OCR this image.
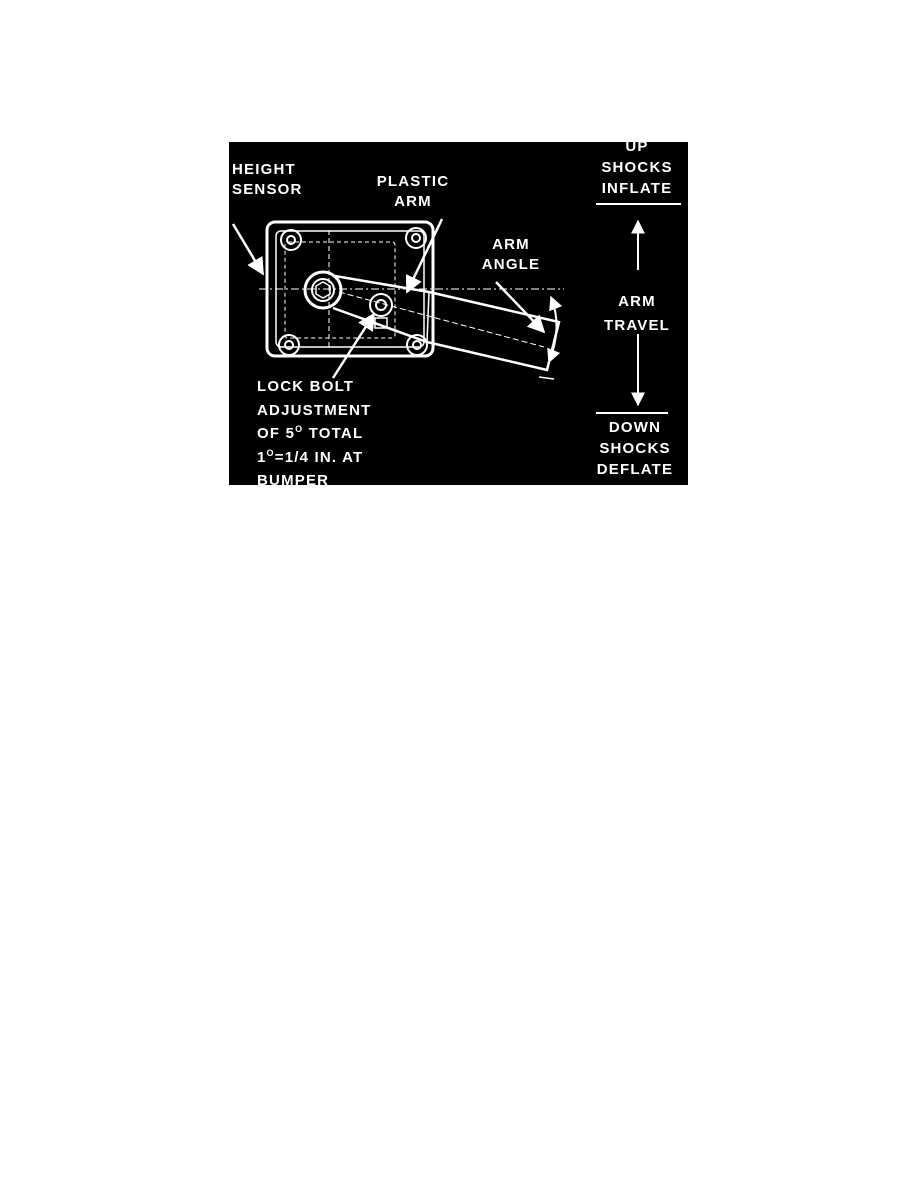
HEIGHT
SENSOR	PLASTIC
ARM
ARM
ANGLE
LOCK BOLT
ADJUSTMENT
OF $5^O$ TOTAL
$1^O=1/4$ IN. AT
BUMPER
UP
SHOCKS
INFLATE
ARM
TRAVEL
DOWN
SHOCKS
DEFLATE
